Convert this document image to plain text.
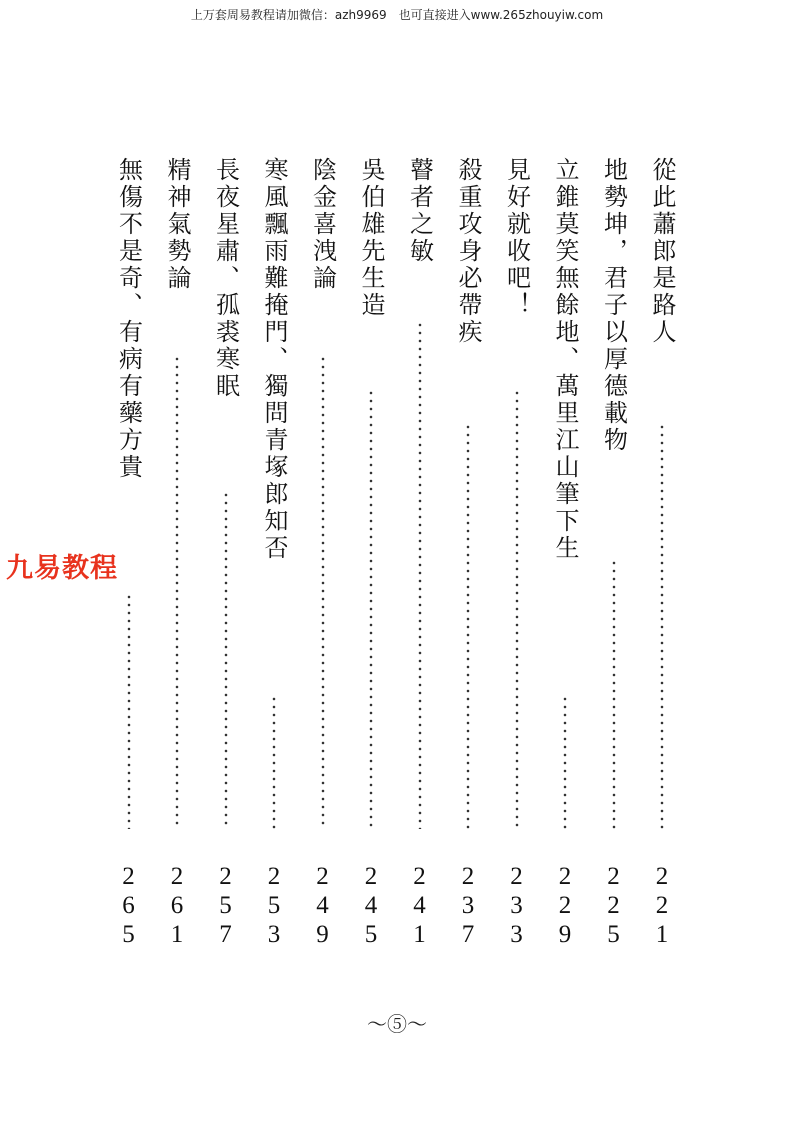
上万套周易教程请加微信：azh9969　也可直接进入www.265zhouyiw.com
從此蕭郎是路人
2
2
1
地勢坤，君子以厚德載物
2
2
5
立錐莫笑無餘地、萬里江山筆下生
2
2
9
見好就收吧！
2
3
3
殺重攻身必帶疾
2
3
7
瞽者之敏
2
4
1
吳伯雄先生造
2
4
5
陰金喜洩論
2
4
9
寒風飄雨難掩門、獨問青塚郎知否
2
5
3
長夜星肅、孤裘寒眠
2
5
7
精神氣勢論
2
6
1
無傷不是奇、有病有藥方貴
2
6
5
九易教程
～⑤～
